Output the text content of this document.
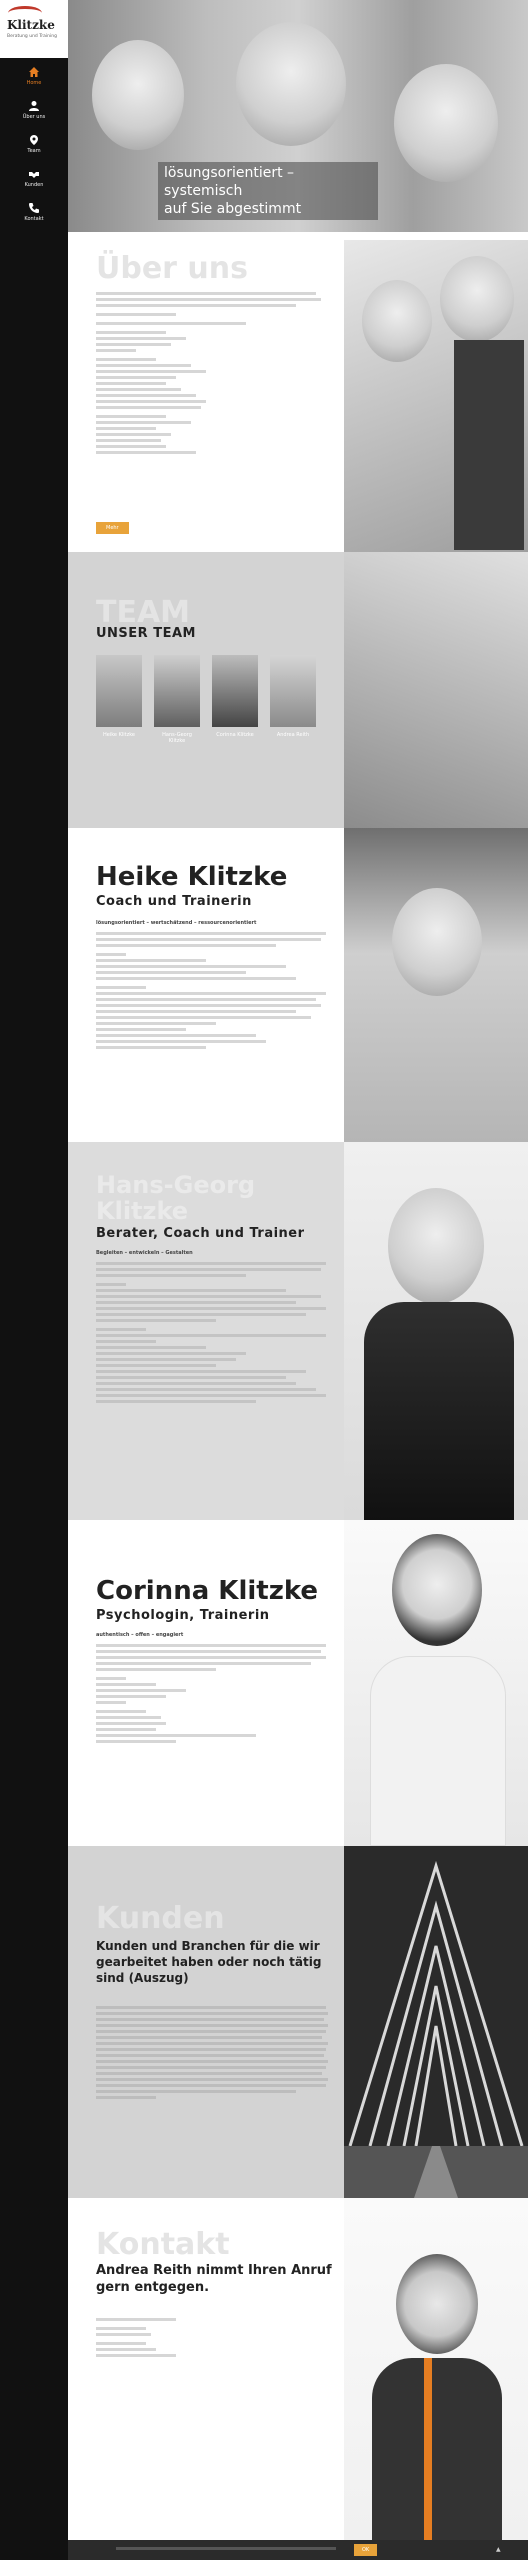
Klitzke
Beratung und Training
Home
Über uns
Team
Kunden
Kontakt
lösungsorientiert – systemisch
auf Sie abgestimmt
Über uns
Mehr
TEAM
UNSER TEAM
Heike Klitzke	Hans-Georg Klitzke
Corinna Klitzke	Andrea Reith
Heike Klitzke
Coach und Trainerin
lösungsorientiert – wertschätzend – ressourcenorientiert
Hans-Georg
Klitzke
Berater, Coach und Trainer
Begleiten – entwickeln – Gestalten
Corinna Klitzke
Psychologin, Trainerin
authentisch – offen – engagiert
Kunden
Kunden und Branchen für die wir gearbeitet haben oder noch tätig sind (Auszug)
Kontakt
Andrea Reith nimmt Ihren Anruf gern entgegen.
OK	▲
